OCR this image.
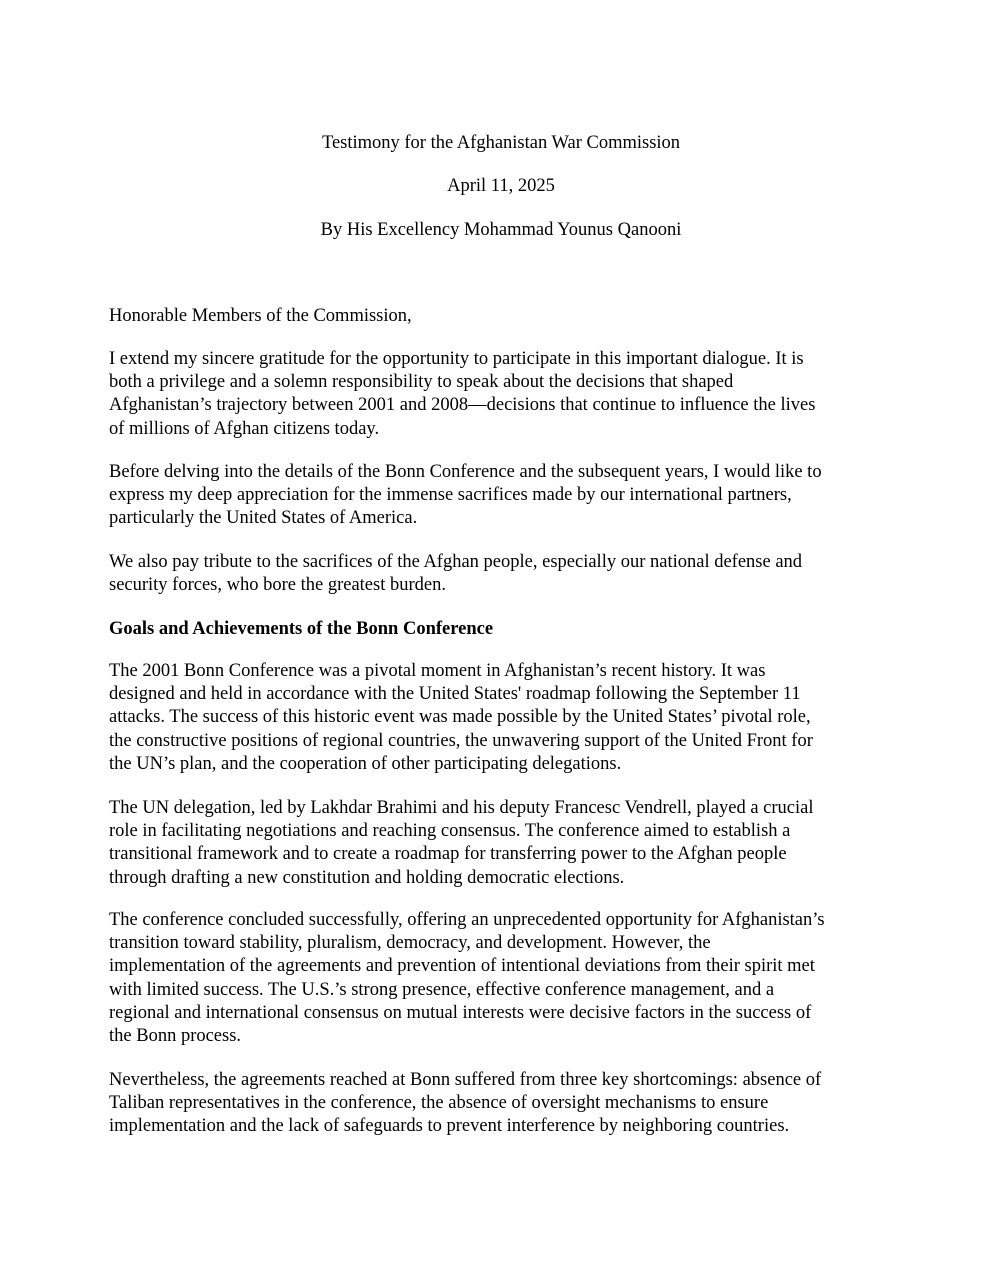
Testimony for the Afghanistan War Commission
April 11, 2025
By His Excellency Mohammad Younus Qanooni
Honorable Members of the Commission,
I extend my sincere gratitude for the opportunity to participate in this important dialogue. It is
both a privilege and a solemn responsibility to speak about the decisions that shaped
Afghanistan’s trajectory between 2001 and 2008—decisions that continue to influence the lives
of millions of Afghan citizens today.
Before delving into the details of the Bonn Conference and the subsequent years, I would like to
express my deep appreciation for the immense sacrifices made by our international partners,
particularly the United States of America.
We also pay tribute to the sacrifices of the Afghan people, especially our national defense and
security forces, who bore the greatest burden.
Goals and Achievements of the Bonn Conference
The 2001 Bonn Conference was a pivotal moment in Afghanistan’s recent history. It was
designed and held in accordance with the United States' roadmap following the September 11
attacks. The success of this historic event was made possible by the United States’ pivotal role,
the constructive positions of regional countries, the unwavering support of the United Front for
the UN’s plan, and the cooperation of other participating delegations.
The UN delegation, led by Lakhdar Brahimi and his deputy Francesc Vendrell, played a crucial
role in facilitating negotiations and reaching consensus. The conference aimed to establish a
transitional framework and to create a roadmap for transferring power to the Afghan people
through drafting a new constitution and holding democratic elections.
The conference concluded successfully, offering an unprecedented opportunity for Afghanistan’s
transition toward stability, pluralism, democracy, and development. However, the
implementation of the agreements and prevention of intentional deviations from their spirit met
with limited success. The U.S.’s strong presence, effective conference management, and a
regional and international consensus on mutual interests were decisive factors in the success of
the Bonn process.
Nevertheless, the agreements reached at Bonn suffered from three key shortcomings: absence of
Taliban representatives in the conference, the absence of oversight mechanisms to ensure
implementation and the lack of safeguards to prevent interference by neighboring countries.
